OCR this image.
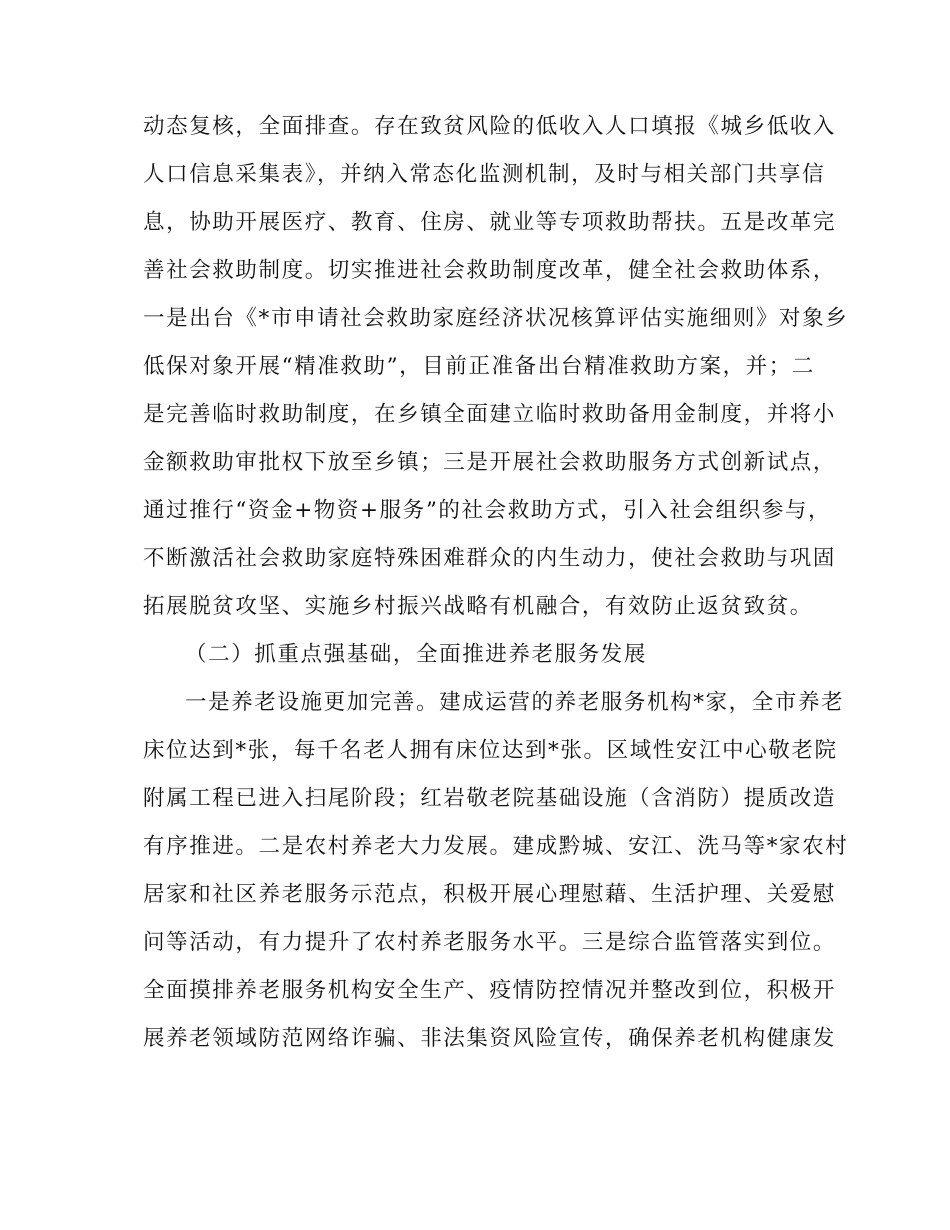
动态复核，全面排查。存在致贫风险的低收入人口填报《城乡低收入
人口信息采集表》，并纳入常态化监测机制，及时与相关部门共享信
息，协助开展医疗、教育、住房、就业等专项救助帮扶。五是改革完
善社会救助制度。切实推进社会救助制度改革，健全社会救助体系，
一是出台《*市申请社会救助家庭经济状况核算评估实施细则》对象乡
低保对象开展“精准救助”，目前正准备出台精准救助方案，并；二
是完善临时救助制度，在乡镇全面建立临时救助备用金制度，并将小
金额救助审批权下放至乡镇；三是开展社会救助服务方式创新试点，
通过推行“资金+物资+服务”的社会救助方式，引入社会组织参与，
不断激活社会救助家庭特殊困难群众的内生动力，使社会救助与巩固
拓展脱贫攻坚、实施乡村振兴战略有机融合，有效防止返贫致贫。
（二）抓重点强基础，全面推进养老服务发展
一是养老设施更加完善。建成运营的养老服务机构*家，全市养老
床位达到*张，每千名老人拥有床位达到*张。区域性安江中心敬老院
附属工程已进入扫尾阶段；红岩敬老院基础设施（含消防）提质改造
有序推进。二是农村养老大力发展。建成黔城、安江、洗马等*家农村
居家和社区养老服务示范点，积极开展心理慰藉、生活护理、关爱慰
问等活动，有力提升了农村养老服务水平。三是综合监管落实到位。
全面摸排养老服务机构安全生产、疫情防控情况并整改到位，积极开
展养老领域防范网络诈骗、非法集资风险宣传，确保养老机构健康发
